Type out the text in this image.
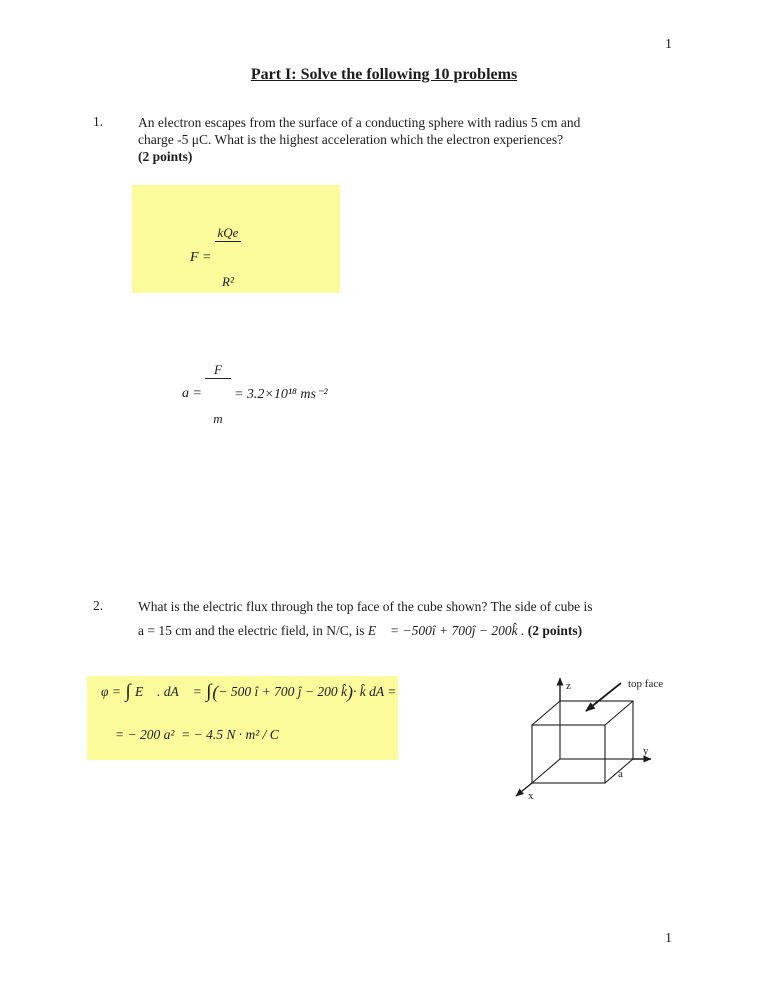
1
Part I: Solve the following 10 problems
1.	An electron escapes from the surface of a conducting sphere with radius 5 cm and
charge -5 μC. What is the highest acceleration which the electron experiences?
(2 points)
F =

$\frac{\text{kQe}}{\text{R²}}$

a =

$\frac{F}{m}$

= 3.2×10¹⁸ ms⁻²
2.	What is the electric flux through the top face of the cube shown? The side of cube is
a = 15 cm and the electric field, in N/C, is E⃗ = −500î + 700ĵ − 200k̂ . (2 points)
φ = ∫ E⃗ . dA⃗ = ∫ ( − 500 î + 700 ĵ − 200 k̂ ) · k̂ dA =
= − 200 a²  = − 4.5 N · m² / C
z
y
x
a
top face
1
